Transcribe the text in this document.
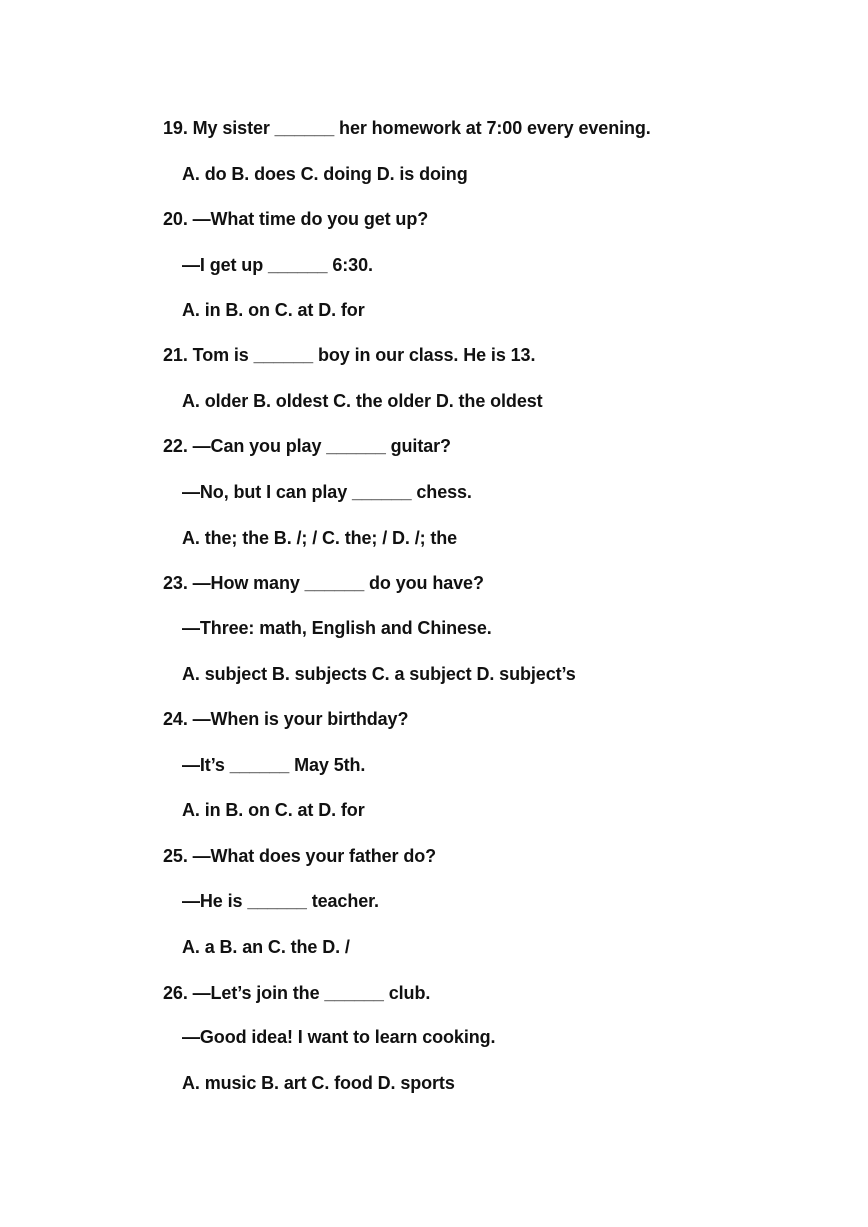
19. My sister ______ her homework at 7:00 every evening.
A. do B. does C. doing D. is doing
20. —What time do you get up?
—I get up ______ 6:30.
A. in B. on C. at D. for
21. Tom is ______ boy in our class. He is 13.
A. older B. oldest C. the older D. the oldest
22. —Can you play ______ guitar?
—No, but I can play ______ chess.
A. the; the B. /; / C. the; / D. /; the
23. —How many ______ do you have?
—Three: math, English and Chinese.
A. subject B. subjects C. a subject D. subject’s
24. —When is your birthday?
—It’s ______ May 5th.
A. in B. on C. at D. for
25. —What does your father do?
—He is ______ teacher.
A. a B. an C. the D. /
26. —Let’s join the ______ club.
—Good idea! I want to learn cooking.
A. music B. art C. food D. sports
